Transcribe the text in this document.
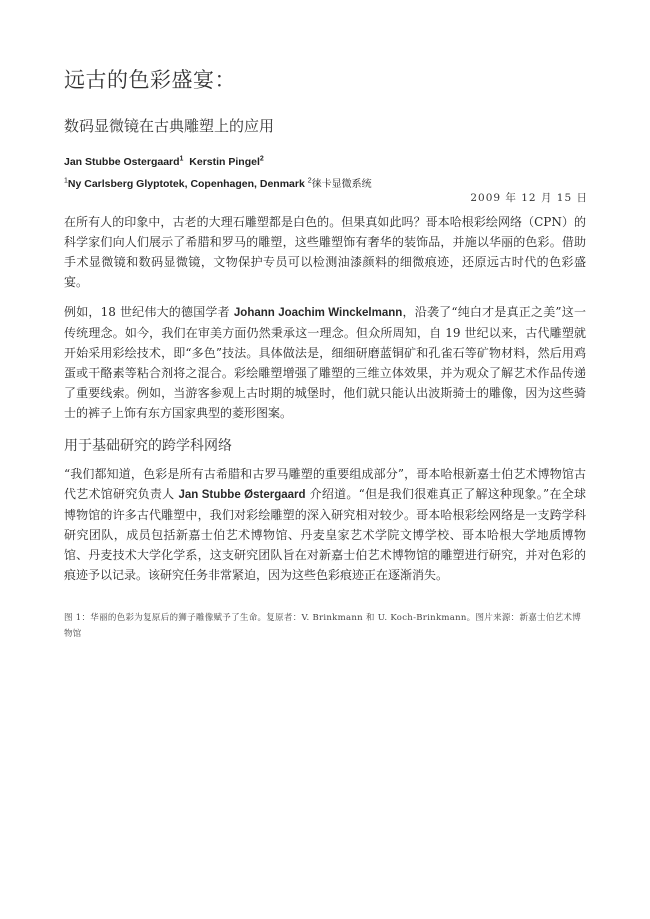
远古的色彩盛宴：
数码显微镜在古典雕塑上的应用
Jan Stubbe Ostergaard$^1$ Kerstin Pingel$^2$
$^1$Ny Carlsberg Glyptotek, Copenhagen, Denmark $^2$徕卡显微系统
2009 年 12 月 15 日

在所有人的印象中，古老的大理石雕塑都是白色的。但果真如此吗？哥本哈根彩绘网络（CPN）的科学家们向人们展示了希腊和罗马的雕塑，这些雕塑饰有奢华的装饰品，并施以华丽的色彩。借助手术显微镜和数码显微镜，文物保护专员可以检测油漆颜料的细微痕迹，还原远古时代的色彩盛宴。

例如，18 世纪伟大的德国学者 Johann Joachim Winckelmann，沿袭了“纯白才是真正之美”这一传统理念。如今，我们在审美方面仍然秉承这一理念。但众所周知，自 19 世纪以来，古代雕塑就开始采用彩绘技术，即“多色”技法。具体做法是，细细研磨蓝铜矿和孔雀石等矿物材料，然后用鸡蛋或干酪素等粘合剂将之混合。彩绘雕塑增强了雕塑的三维立体效果，并为观众了解艺术作品传递了重要线索。例如，当游客参观上古时期的城堡时，他们就只能认出波斯骑士的雕像，因为这些骑士的裤子上饰有东方国家典型的菱形图案。

用于基础研究的跨学科网络

“我们都知道，色彩是所有古希腊和古罗马雕塑的重要组成部分”，哥本哈根新嘉士伯艺术博物馆古代艺术馆研究负责人 Jan Stubbe Østergaard 介绍道。“但是我们很难真正了解这种现象。”在全球博物馆的许多古代雕塑中，我们对彩绘雕塑的深入研究相对较少。哥本哈根彩绘网络是一支跨学科研究团队，成员包括新嘉士伯艺术博物馆、丹麦皇家艺术学院文博学校、哥本哈根大学地质博物馆、丹麦技术大学化学系，这支研究团队旨在对新嘉士伯艺术博物馆的雕塑进行研究，并对色彩的痕迹予以记录。该研究任务非常紧迫，因为这些色彩痕迹正在逐渐消失。

图 1：华丽的色彩为复原后的狮子雕像赋予了生命。复原者：V. Brinkmann 和 U. Koch-Brinkmann。图片来源：新嘉士伯艺术博物馆
